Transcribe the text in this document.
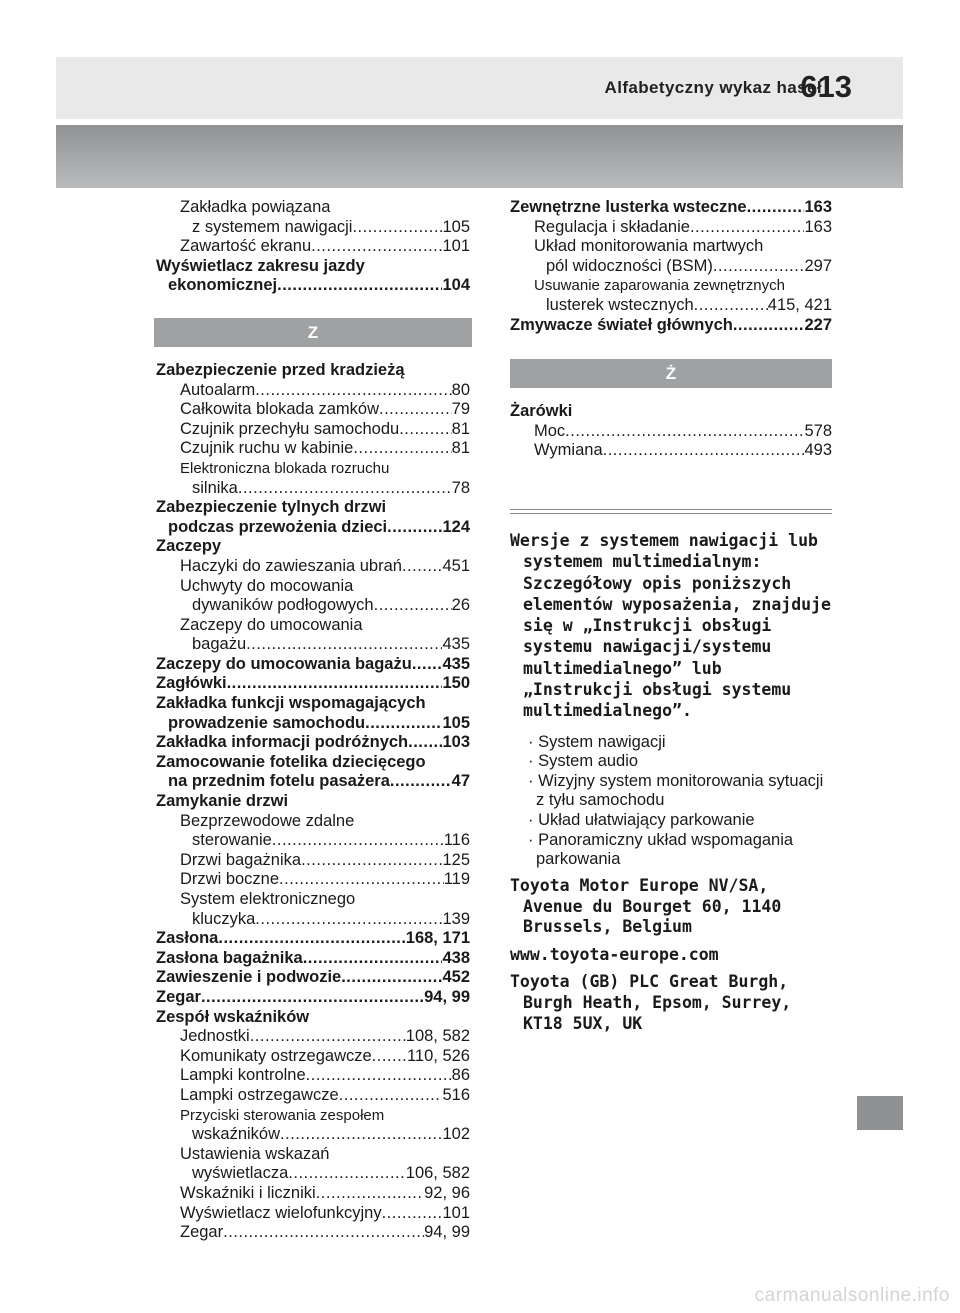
Alfabetyczny wykaz haseł
613
Zakładka powiązana
z systemem nawigacji .....	105
Zawartość ekranu .....	101
Wyświetlacz zakresu jazdy
ekonomicznej .....	104
Z
Zabezpieczenie przed kradzieżą
Autoalarm .....	80
Całkowita blokada zamków .....	79
Czujnik przechyłu samochodu .....	81
Czujnik ruchu w kabinie .....	81
Elektroniczna blokada rozruchu
silnika .....	78
Zabezpieczenie tylnych drzwi
podczas przewożenia dzieci .....	124
Zaczepy
Haczyki do zawieszania ubrań ..... 451
Uchwyty do mocowania
dywaników podłogowych .....	26
Zaczepy do umocowania
bagażu .....	435
Zaczepy do umocowania bagażu ..... 435
Zagłówki .....	150
Zakładka funkcji wspomagających
prowadzenie samochodu .....	105
Zakładka informacji podróżnych ..... 103
Zamocowanie fotelika dziecięcego
na przednim fotelu pasażera .....	47
Zamykanie drzwi
Bezprzewodowe zdalne
sterowanie .....	116
Drzwi bagażnika .....	125
Drzwi boczne .....	119
System elektronicznego
kluczyka .....	139
Zasłona .....	168, 171
Zasłona bagażnika .....	438
Zawieszenie i podwozie .....	452
Zegar .....	94, 99
Zespół wskaźników
Jednostki .....	108, 582
Komunikaty ostrzegawcze ..... 110, 526
Lampki kontrolne .....	86
Lampki ostrzegawcze .....	516
Przyciski sterowania zespołem
wskaźników .....	102
Ustawienia wskazań
wyświetlacza .....	106, 582
Wskaźniki i liczniki .....	92, 96
Wyświetlacz wielofunkcyjny .....	101
Zegar .....	94, 99
Zewnętrzne lusterka wsteczne .....	163
Regulacja i składanie .....	163
Układ monitorowania martwych
pól widoczności (BSM) .....	297
Usuwanie zaparowania zewnętrznych
lusterek wstecznych .....	415, 421
Zmywacze świateł głównych .....	227
Ż
Żarówki
Moc .....	578
Wymiana .....	493
Wersje z systemem nawigacji lub systemem multimedialnym: Szczegółowy opis poniższych elementów wyposażenia, znajduje się w „Instrukcji obsługi systemu nawigacji/systemu multimedialnego” lub „Instrukcji obsługi systemu multimedialnego”.
· System nawigacji
· System audio
· Wizyjny system monitorowania sytuacji z tyłu samochodu
· Układ ułatwiający parkowanie
· Panoramiczny układ wspomagania parkowania
Toyota Motor Europe NV/SA, Avenue du Bourget 60, 1140 Brussels, Belgium
www.toyota-europe.com
Toyota (GB) PLC Great Burgh, Burgh Heath, Epsom, Surrey, KT18 5UX, UK
carmanualsonline.info
